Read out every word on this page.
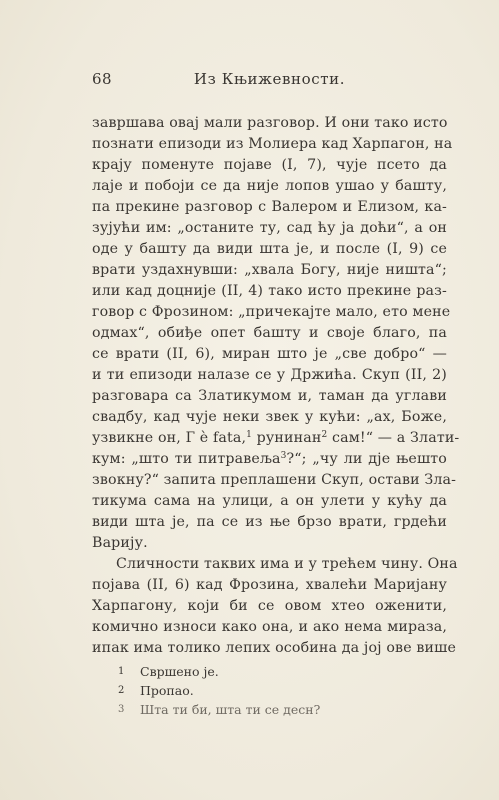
68	Из Књижевности.
завршава овај мали разговор. И они тако исто
познати епизоди из Молиера кад Харпагон, на
крају поменуте појаве (I, 7), чује псето да
лаје и побоји се да није лопов ушао у башту,
па прекине разговор с Валером и Елизом, ка-
зујући им: „останите ту, сад ћу ја доћи“, а он
оде у башту да види шта је, и после (I, 9) се
врати уздахнувши: „хвала Богу, није ништа“;
или кад доцније (II, 4) тако исто прекине раз-
говор с Фрозином: „причекајте мало, ето мене
одмах“, обиђе опет башту и своје благо, па
се врати (II, 6), миран што је „све добро“ —
и ти епизоди налазе се у Држића. Скуп (II, 2)
разговара са Златикумом и, таман да углави
свадбу, кад чује неки звек у кући: „ах, Боже,
узвикне он, Г è fata,$^1$ рунинан$^2$ сам!“ — а Злати-
кум: „што ти питравеља$^3$?“; „чу ли дје њешто
звокну?“ запита преплашени Скуп, остави Зла-
тикума сама на улици, а он улети у кућу да
види шта је, па се из ње брзо врати, грдећи
Варију.
Сличности таквих има и у трећем чину. Она
појава (II, 6) кад Фрозина, хвалећи Маријану
Харпагону, који би се овом хтео оженити,
комично износи како она, и ако нема мираза,
ипак има толико лепих особина да јој ове више
1 Свршено је.
2 Пропао.
3 Шта ти би, шта ти се десн?
